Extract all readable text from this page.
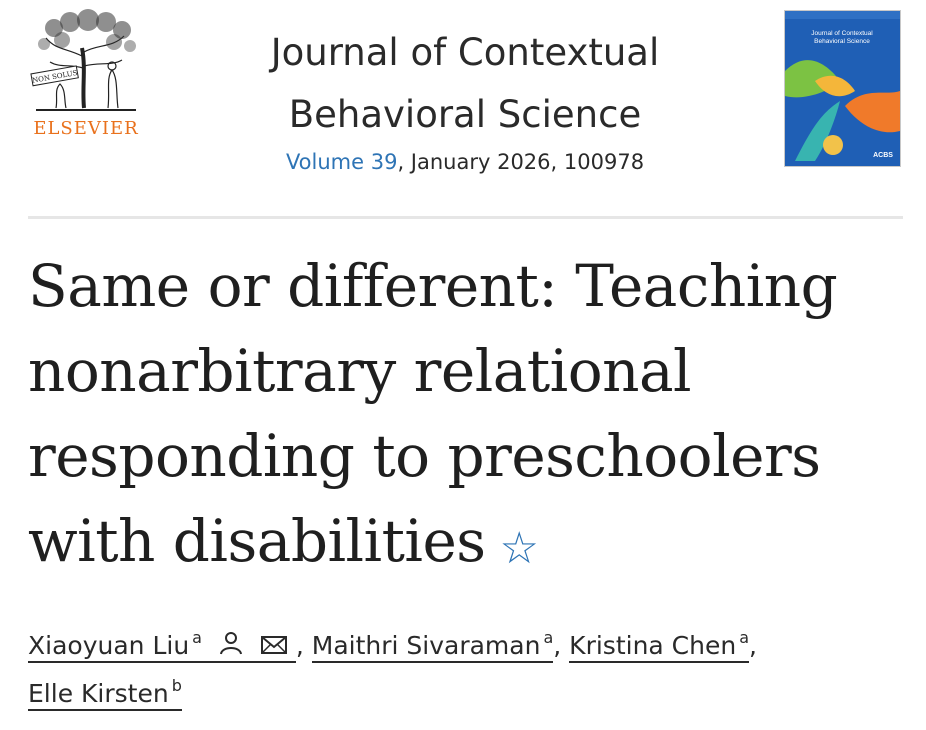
NON SOLUS
ELSEVIER
Journal of Contextual
Behavioral Science
Volume 39, January 2026, 100978
Journal of Contextual
Behavioral Science
ACBS
Same or different: Teaching
nonarbitrary relational
responding to preschoolers
with disabilities ☆
Xiaoyuan Liu $^a$	, Maithri Sivaraman $^a$, Kristina Chen $^a$,
Elle Kirsten $^b$
